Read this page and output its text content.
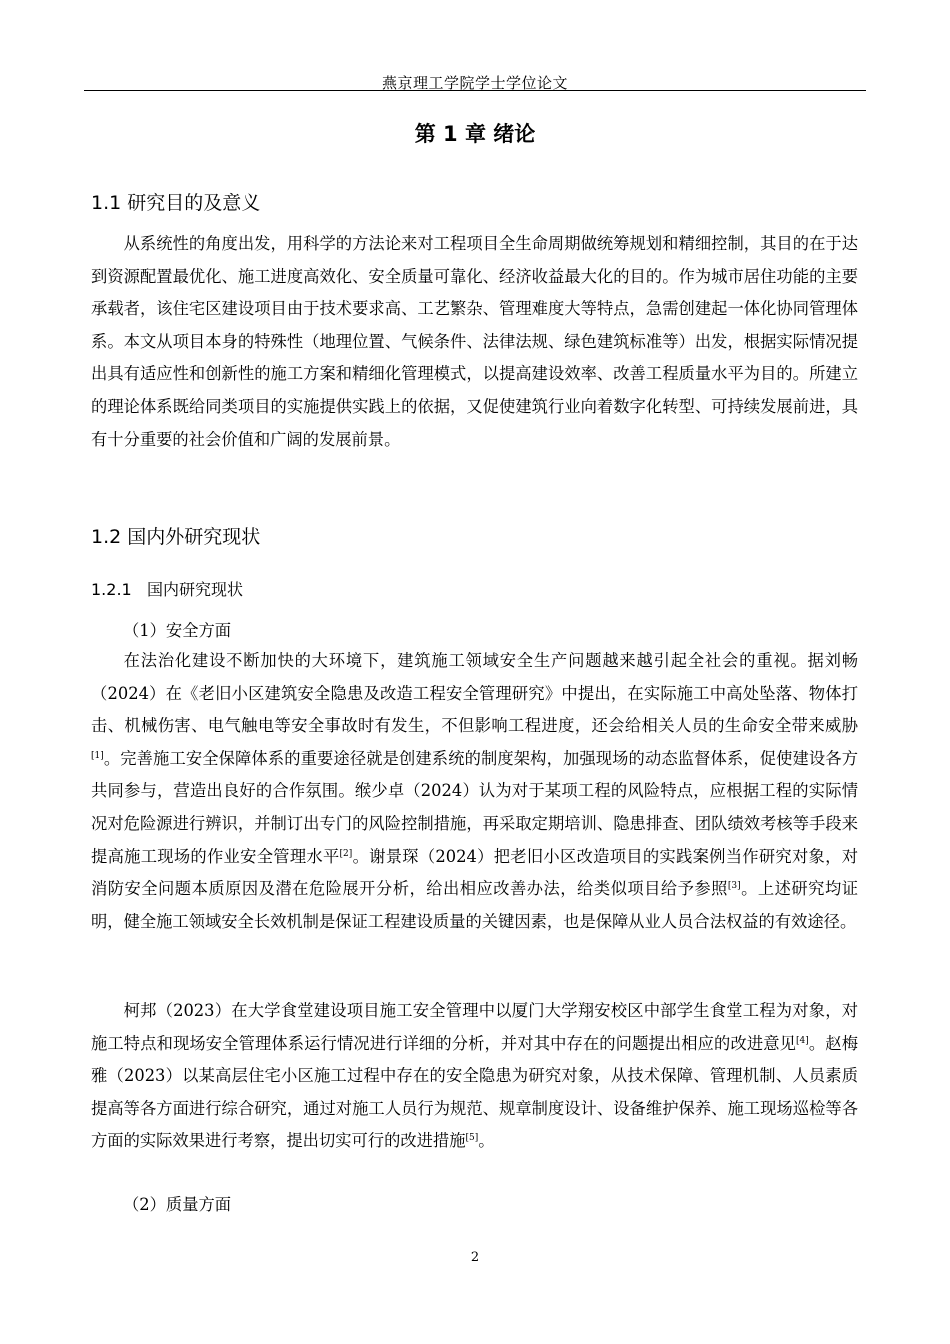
燕京理工学院学士学位论文
第 1 章 绪论
1.1 研究目的及意义

从系统性的角度出发，用科学的方法论来对工程项目全生命周期做统筹规划和精细控制，其目的在于达到资源配置最优化、施工进度高效化、安全质量可靠化、经济收益最大化的目的。作为城市居住功能的主要承载者，该住宅区建设项目由于技术要求高、工艺繁杂、管理难度大等特点，急需创建起一体化协同管理体系。本文从项目本身的特殊性（地理位置、气候条件、法律法规、绿色建筑标准等）出发，根据实际情况提出具有适应性和创新性的施工方案和精细化管理模式，以提高建设效率、改善工程质量水平为目的。所建立的理论体系既给同类项目的实施提供实践上的依据，又促使建筑行业向着数字化转型、可持续发展前进，具有十分重要的社会价值和广阔的发展前景。

1.2 国内外研究现状
1.2.1 国内研究现状
（1）安全方面

在法治化建设不断加快的大环境下，建筑施工领域安全生产问题越来越引起全社会的重视。据刘畅（2024）在《老旧小区建筑安全隐患及改造工程安全管理研究》中提出，在实际施工中高处坠落、物体打击、机械伤害、电气触电等安全事故时有发生，不但影响工程进度，还会给相关人员的生命安全带来威胁[1]。完善施工安全保障体系的重要途径就是创建系统的制度架构，加强现场的动态监督体系，促使建设各方共同参与，营造出良好的合作氛围。缑少卓（2024）认为对于某项工程的风险特点，应根据工程的实际情况对危险源进行辨识，并制订出专门的风险控制措施，再采取定期培训、隐患排查、团队绩效考核等手段来提高施工现场的作业安全管理水平[2]。谢景琛（2024）把老旧小区改造项目的实践案例当作研究对象，对消防安全问题本质原因及潜在危险展开分析，给出相应改善办法，给类似项目给予参照[3]。上述研究均证明，健全施工领域安全长效机制是保证工程建设质量的关键因素，也是保障从业人员合法权益的有效途径。

柯邦（2023）在大学食堂建设项目施工安全管理中以厦门大学翔安校区中部学生食堂工程为对象，对施工特点和现场安全管理体系运行情况进行详细的分析，并对其中存在的问题提出相应的改进意见[4]。赵梅雅（2023）以某高层住宅小区施工过程中存在的安全隐患为研究对象，从技术保障、管理机制、人员素质提高等各方面进行综合研究，通过对施工人员行为规范、规章制度设计、设备维护保养、施工现场巡检等各方面的实际效果进行考察，提出切实可行的改进措施[5]。

（2）质量方面
2
